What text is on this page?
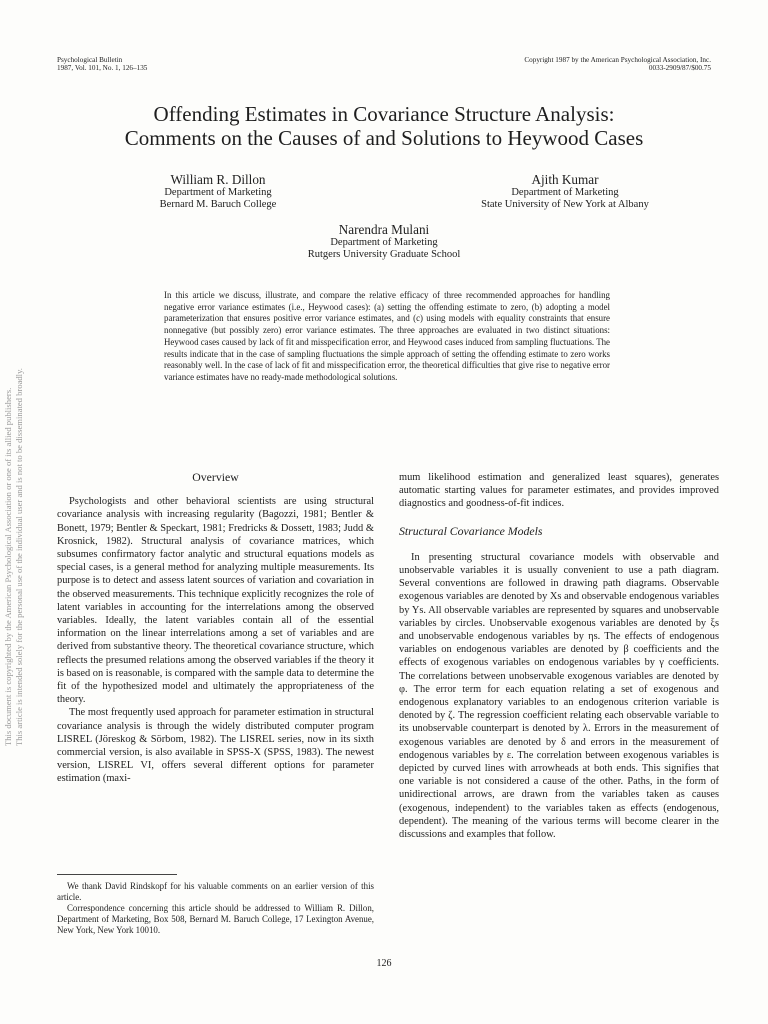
Psychological Bulletin
1987, Vol. 101, No. 1, 126–135
Copyright 1987 by the American Psychological Association, Inc.
0033-2909/87/$00.75
Offending Estimates in Covariance Structure Analysis:
Comments on the Causes of and Solutions to Heywood Cases
William R. Dillon
Department of Marketing
Bernard M. Baruch College
Ajith Kumar
Department of Marketing
State University of New York at Albany
Narendra Mulani
Department of Marketing
Rutgers University Graduate School
In this article we discuss, illustrate, and compare the relative efficacy of three recommended approaches for handling negative error variance estimates (i.e., Heywood cases): (a) setting the offending estimate to zero, (b) adopting a model parameterization that ensures positive error variance estimates, and (c) using models with equality constraints that ensure nonnegative (but possibly zero) error variance estimates. The three approaches are evaluated in two distinct situations: Heywood cases caused by lack of fit and misspecification error, and Heywood cases induced from sampling fluctuations. The results indicate that in the case of sampling fluctuations the simple approach of setting the offending estimate to zero works reasonably well. In the case of lack of fit and misspecification error, the theoretical difficulties that give rise to negative error variance estimates have no ready-made methodological solutions.
This document is copyrighted by the American Psychological Association or one of its allied publishers. This article is intended solely for the personal use of the individual user and is not to be disseminated broadly.	Overview

Psychologists and other behavioral scientists are using structural covariance analysis with increasing regularity (Bagozzi, 1981; Bentler & Bonett, 1979; Bentler & Speckart, 1981; Fredricks & Dossett, 1983; Judd & Krosnick, 1982). Structural analysis of covariance matrices, which subsumes confirmatory factor analytic and structural equations models as special cases, is a general method for analyzing multiple measurements. Its purpose is to detect and assess latent sources of variation and covariation in the observed measurements. This technique explicitly recognizes the role of latent variables in accounting for the interrelations among the observed variables. Ideally, the latent variables contain all of the essential information on the linear interrelations among a set of variables and are derived from substantive theory. The theoretical covariance structure, which reflects the presumed relations among the observed variables if the theory it is based on is reasonable, is compared with the sample data to determine the fit of the hypothesized model and ultimately the appropriateness of the theory.

The most frequently used approach for parameter estimation in structural covariance analysis is through the widely distributed computer program LISREL (Jöreskog & Sörbom, 1982). The LISREL series, now in its sixth commercial version, is also available in SPSS-X (SPSS, 1983). The newest version, LISREL VI, offers several different options for parameter estimation (maxi-

We thank David Rindskopf for his valuable comments on an earlier version of this article.

Correspondence concerning this article should be addressed to William R. Dillon, Department of Marketing, Box 508, Bernard M. Baruch College, 17 Lexington Avenue, New York, New York 10010.

mum likelihood estimation and generalized least squares), generates automatic starting values for parameter estimates, and provides improved diagnostics and goodness-of-fit indices.

Structural Covariance Models

In presenting structural covariance models with observable and unobservable variables it is usually convenient to use a path diagram. Several conventions are followed in drawing path diagrams. Observable exogenous variables are denoted by Xs and observable endogenous variables by Ys. All observable variables are represented by squares and unobservable variables by circles. Unobservable exogenous variables are denoted by ξs and unobservable endogenous variables by ηs. The effects of endogenous variables on endogenous variables are denoted by β coefficients and the effects of exogenous variables on endogenous variables by γ coefficients. The correlations between unobservable exogenous variables are denoted by φ. The error term for each equation relating a set of exogenous and endogenous explanatory variables to an endogenous criterion variable is denoted by ζ. The regression coefficient relating each observable variable to its unobservable counterpart is denoted by λ. Errors in the measurement of exogenous variables are denoted by δ and errors in the measurement of endogenous variables by ε. The correlation between exogenous variables is depicted by curved lines with arrowheads at both ends. This signifies that one variable is not considered a cause of the other. Paths, in the form of unidirectional arrows, are drawn from the variables taken as causes (exogenous, independent) to the variables taken as effects (endogenous, dependent). The meaning of the various terms will become clearer in the discussions and examples that follow.

126
